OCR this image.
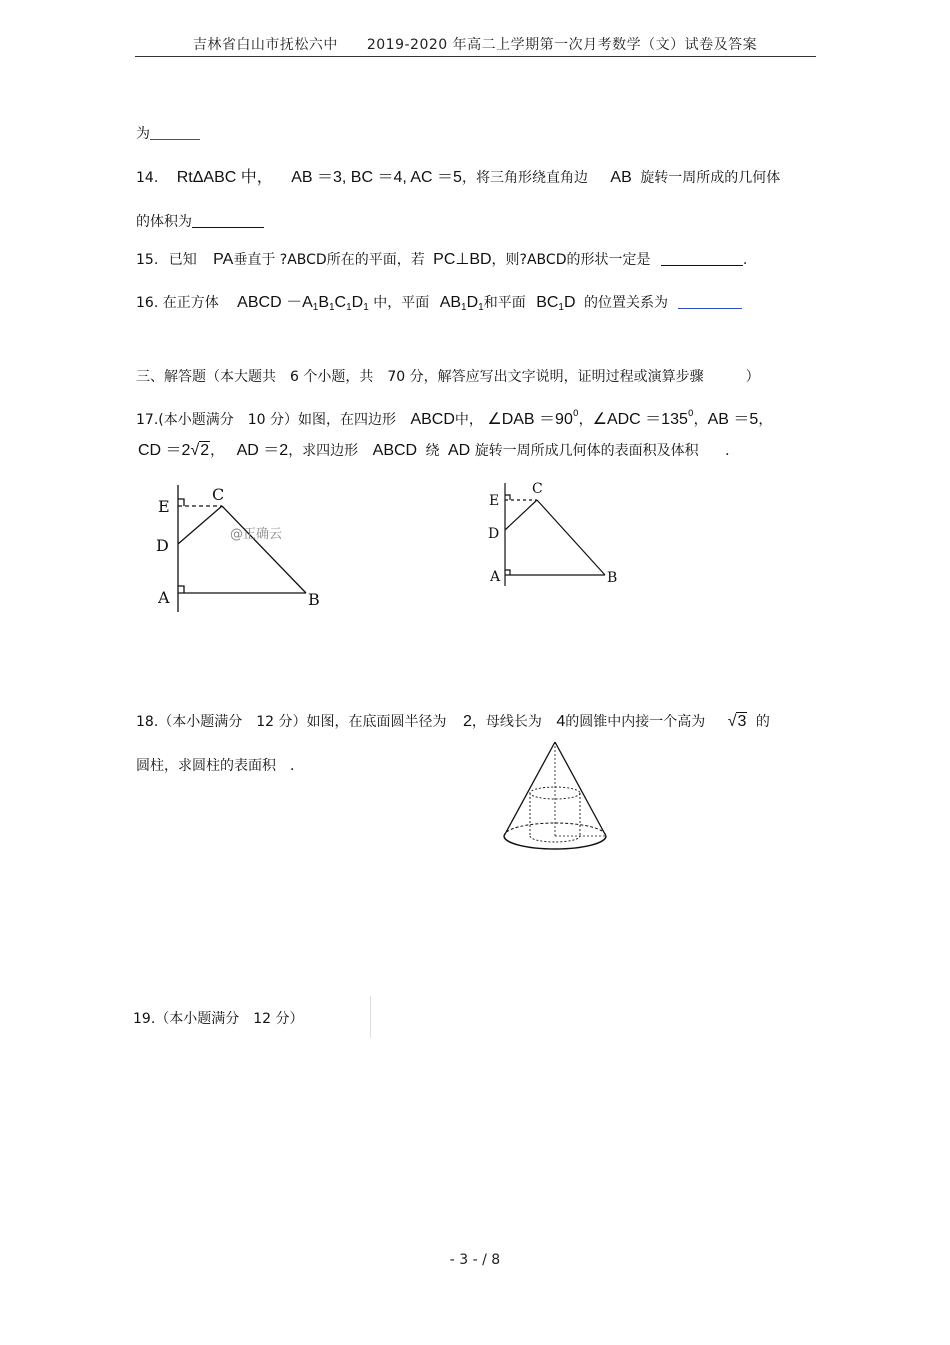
吉林省白山市抚松六中　　2019-2020 年高二上学期第一次月考数学（文）试卷及答案
为
14. RtΔABC 中， AB ＝3, BC ＝4, AC ＝5，将三角形绕直角边 AB 旋转一周所成的几何体
的体积为
15. 已知 PA垂直于 ?ABCD所在的平面，若 PC⊥BD，则?ABCD的形状一定是	.
16. 在正方体 ABCD $-A_1B_1C_1D_1$ 中，平面 $AB_1D_1$和平面 $BC_1D$ 的位置关系为
三、解答题（本大题共　6 个小题，共　70 分，解答应写出文字说明，证明过程或演算步骤　　　）
17.(本小题满分　10 分）如图，在四边形 ABCD中， ∠DAB $=90^0$，∠ADC $=135^0$，AB ＝5，
CD ＝2√2， AD ＝2，求四边形 ABCD 绕 AD 旋转一周所成几何体的表面积及体积 ．
E
C
D
A	B
@正确云
E
C
D
A	B
18.（本小题满分　12 分）如图，在底面圆半径为 2，母线长为 4的圆锥中内接一个高为 √3 的
圆柱，求圆柱的表面积　．
19.（本小题满分　12 分）
- 3 - / 8
